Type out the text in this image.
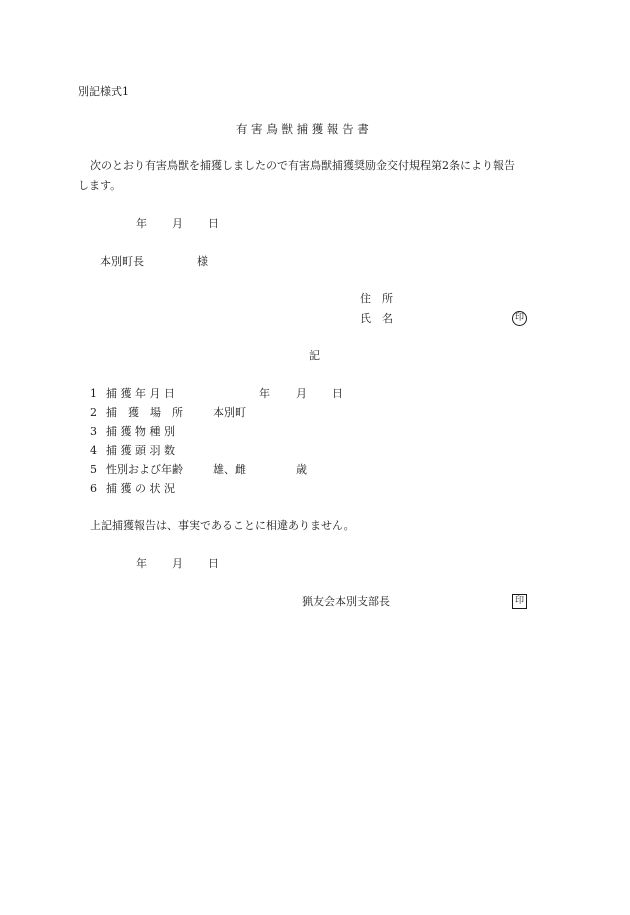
別記様式1
有 害 鳥 獣 捕 獲 報 告 書
次のとおり有害鳥獣を捕獲しましたので有害鳥獣捕獲奨励金交付規程第2条により報告
します。
年 月 日
本別町長	様
住　所
氏　名	印
記
1 捕 獲 年 月 日	年 月 日
2 捕　獲　場　所	本別町
3 捕 獲 物 種 別
4 捕 獲 頭 羽 数
5 性別および年齢	雄、雌	歳
6 捕 獲 の 状 況
上記捕獲報告は、事実であることに相違ありません。
年 月 日
猟友会本別支部長	印
